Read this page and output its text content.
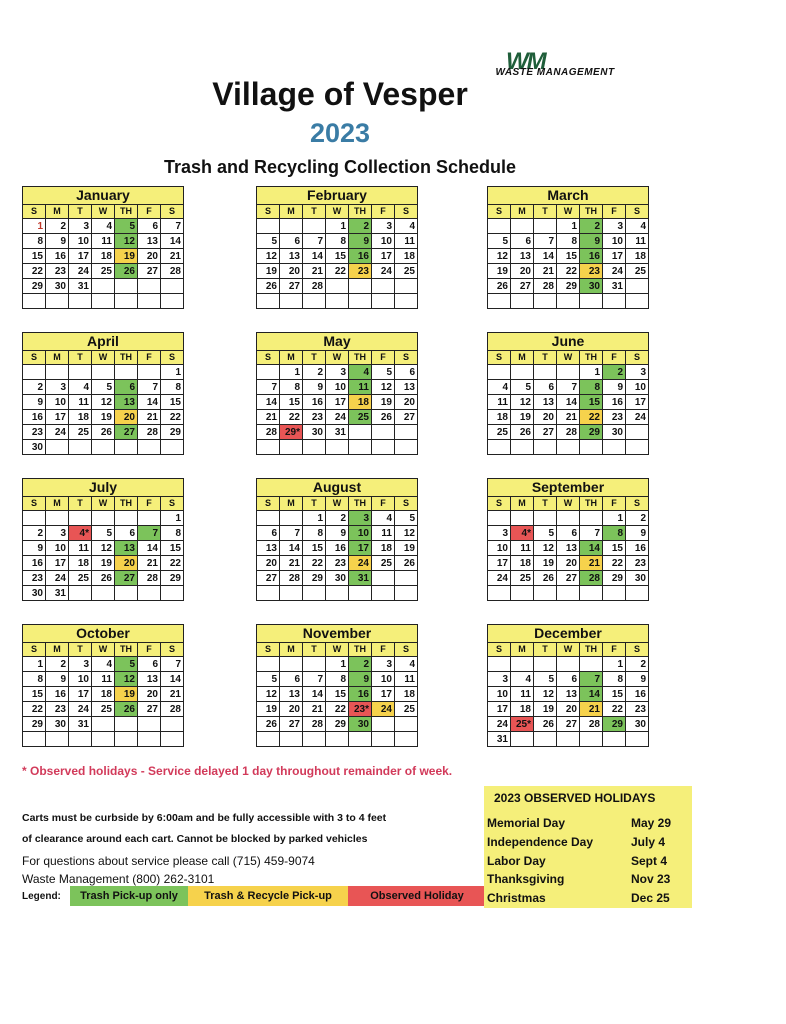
WM
WASTE MANAGEMENT
Village of Vesper
2023
Trash and Recycling Collection Schedule
January						
S	M	T	W	TH	F	S
1	2	3	4	5	6	7
8	9	10	11	12	13	14
15	16	17	18	19	20	21
22	23	24	25	26	27	28
29	30	31				

February						
S	M	T	W	TH	F	S
			1	2	3	4
5	6	7	8	9	10	11
12	13	14	15	16	17	18
19	20	21	22	23	24	25
26	27	28				

March						
S	M	T	W	TH	F	S
			1	2	3	4
5	6	7	8	9	10	11
12	13	14	15	16	17	18
19	20	21	22	23	24	25
26	27	28	29	30	31	

April						
S	M	T	W	TH	F	S
						1
2	3	4	5	6	7	8
9	10	11	12	13	14	15
16	17	18	19	20	21	22
23	24	25	26	27	28	29
30						
May						
S	M	T	W	TH	F	S
	1	2	3	4	5	6
7	8	9	10	11	12	13
14	15	16	17	18	19	20
21	22	23	24	25	26	27
28	29*	30	31			

June						
S	M	T	W	TH	F	S
				1	2	3
4	5	6	7	8	9	10
11	12	13	14	15	16	17
18	19	20	21	22	23	24
25	26	27	28	29	30	

July						
S	M	T	W	TH	F	S
						1
2	3	4*	5	6	7	8
9	10	11	12	13	14	15
16	17	18	19	20	21	22
23	24	25	26	27	28	29
30	31					
August						
S	M	T	W	TH	F	S
		1	2	3	4	5
6	7	8	9	10	11	12
13	14	15	16	17	18	19
20	21	22	23	24	25	26
27	28	29	30	31		

September						
S	M	T	W	TH	F	S
					1	2
3	4*	5	6	7	8	9
10	11	12	13	14	15	16
17	18	19	20	21	22	23
24	25	26	27	28	29	30

October						
S	M	T	W	TH	F	S
1	2	3	4	5	6	7
8	9	10	11	12	13	14
15	16	17	18	19	20	21
22	23	24	25	26	27	28
29	30	31				

November						
S	M	T	W	TH	F	S
			1	2	3	4
5	6	7	8	9	10	11
12	13	14	15	16	17	18
19	20	21	22	23*	24	25
26	27	28	29	30		

December						
S	M	T	W	TH	F	S
					1	2
3	4	5	6	7	8	9
10	11	12	13	14	15	16
17	18	19	20	21	22	23
24	25*	26	27	28	29	30
31						
* Observed holidays - Service delayed 1 day throughout remainder of week.
Carts must be curbside by 6:00am and be fully accessible with 3 to 4 feet
of clearance around each cart. Cannot be blocked by parked vehicles
For questions about service please call (715) 459-9074
Waste Management (800) 262-3101
Legend:	Trash Pick-up only	Trash & Recycle Pick-up	Observed Holiday
2023 OBSERVED HOLIDAYS
Memorial Day	May 29
Independence Day	July 4
Labor Day	Sept 4
Thanksgiving	Nov 23
Christmas	Dec 25
